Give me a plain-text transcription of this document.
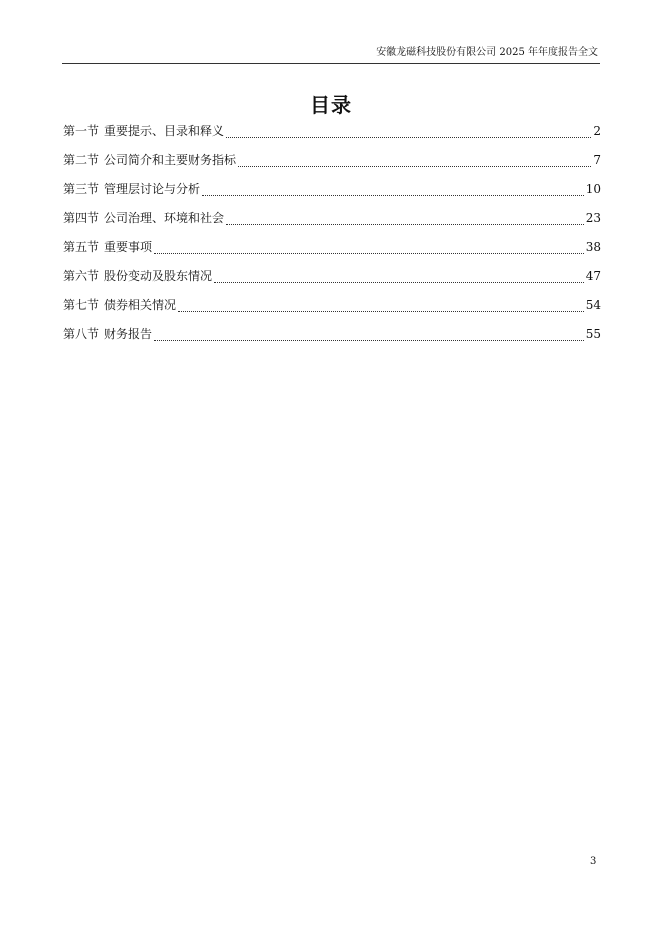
安徽龙磁科技股份有限公司 2025 年年度报告全文
目录
第一节 重要提示、目录和释义	2
第二节 公司简介和主要财务指标	7
第三节 管理层讨论与分析	10
第四节 公司治理、环境和社会	23
第五节 重要事项	38
第六节 股份变动及股东情况	47
第七节 债券相关情况	54
第八节 财务报告	55
3
